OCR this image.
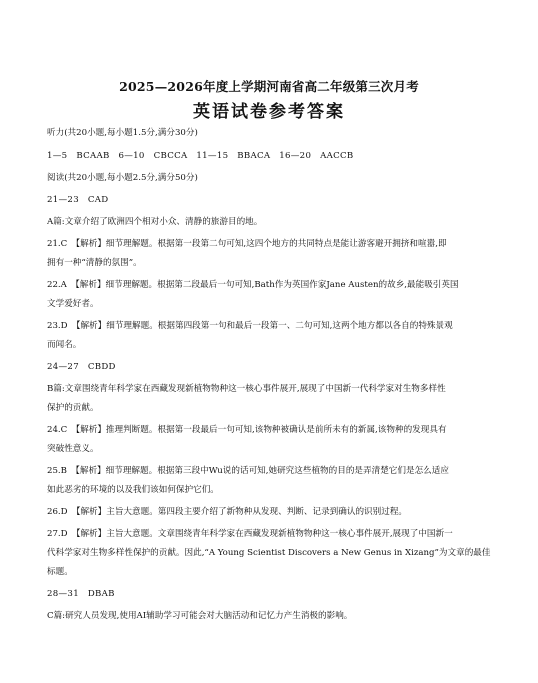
2025—2026年度上学期河南省高二年级第三次月考
英语试卷参考答案
听力(共20小题,每小题1.5分,满分30分)
1—5　BCAAB　6—10　CBCCA　11—15　BBACA　16—20　AACCB
阅读(共20小题,每小题2.5分,满分50分)
21—23　CAD
A篇:文章介绍了欧洲四个相对小众、清静的旅游目的地。
21.C　【解析】细节理解题。根据第一段第二句可知,这四个地方的共同特点是能让游客避开拥挤和喧嚣,即
拥有一种“清静的氛围”。
22.A　【解析】细节理解题。根据第二段最后一句可知,Bath作为英国作家Jane Austen的故乡,最能吸引英国
文学爱好者。
23.D　【解析】细节理解题。根据第四段第一句和最后一段第一、二句可知,这两个地方都以各自的特殊景观
而闻名。
24—27　CBDD
B篇:文章围绕青年科学家在西藏发现新植物物种这一核心事件展开,展现了中国新一代科学家对生物多样性
保护的贡献。
24.C　【解析】推理判断题。根据第一段最后一句可知,该物种被确认是前所未有的新属,该物种的发现具有
突破性意义。
25.B　【解析】细节理解题。根据第三段中Wu说的话可知,她研究这些植物的目的是弄清楚它们是怎么适应
如此恶劣的环境的以及我们该如何保护它们。
26.D　【解析】主旨大意题。第四段主要介绍了新物种从发现、判断、记录到确认的识别过程。
27.D　【解析】主旨大意题。文章围绕青年科学家在西藏发现新植物物种这一核心事件展开,展现了中国新一
代科学家对生物多样性保护的贡献。因此,“A Young Scientist Discovers a New Genus in Xizang”为文章的最佳
标题。
28—31　DBAB
C篇:研究人员发现,使用AI辅助学习可能会对大脑活动和记忆力产生消极的影响。
